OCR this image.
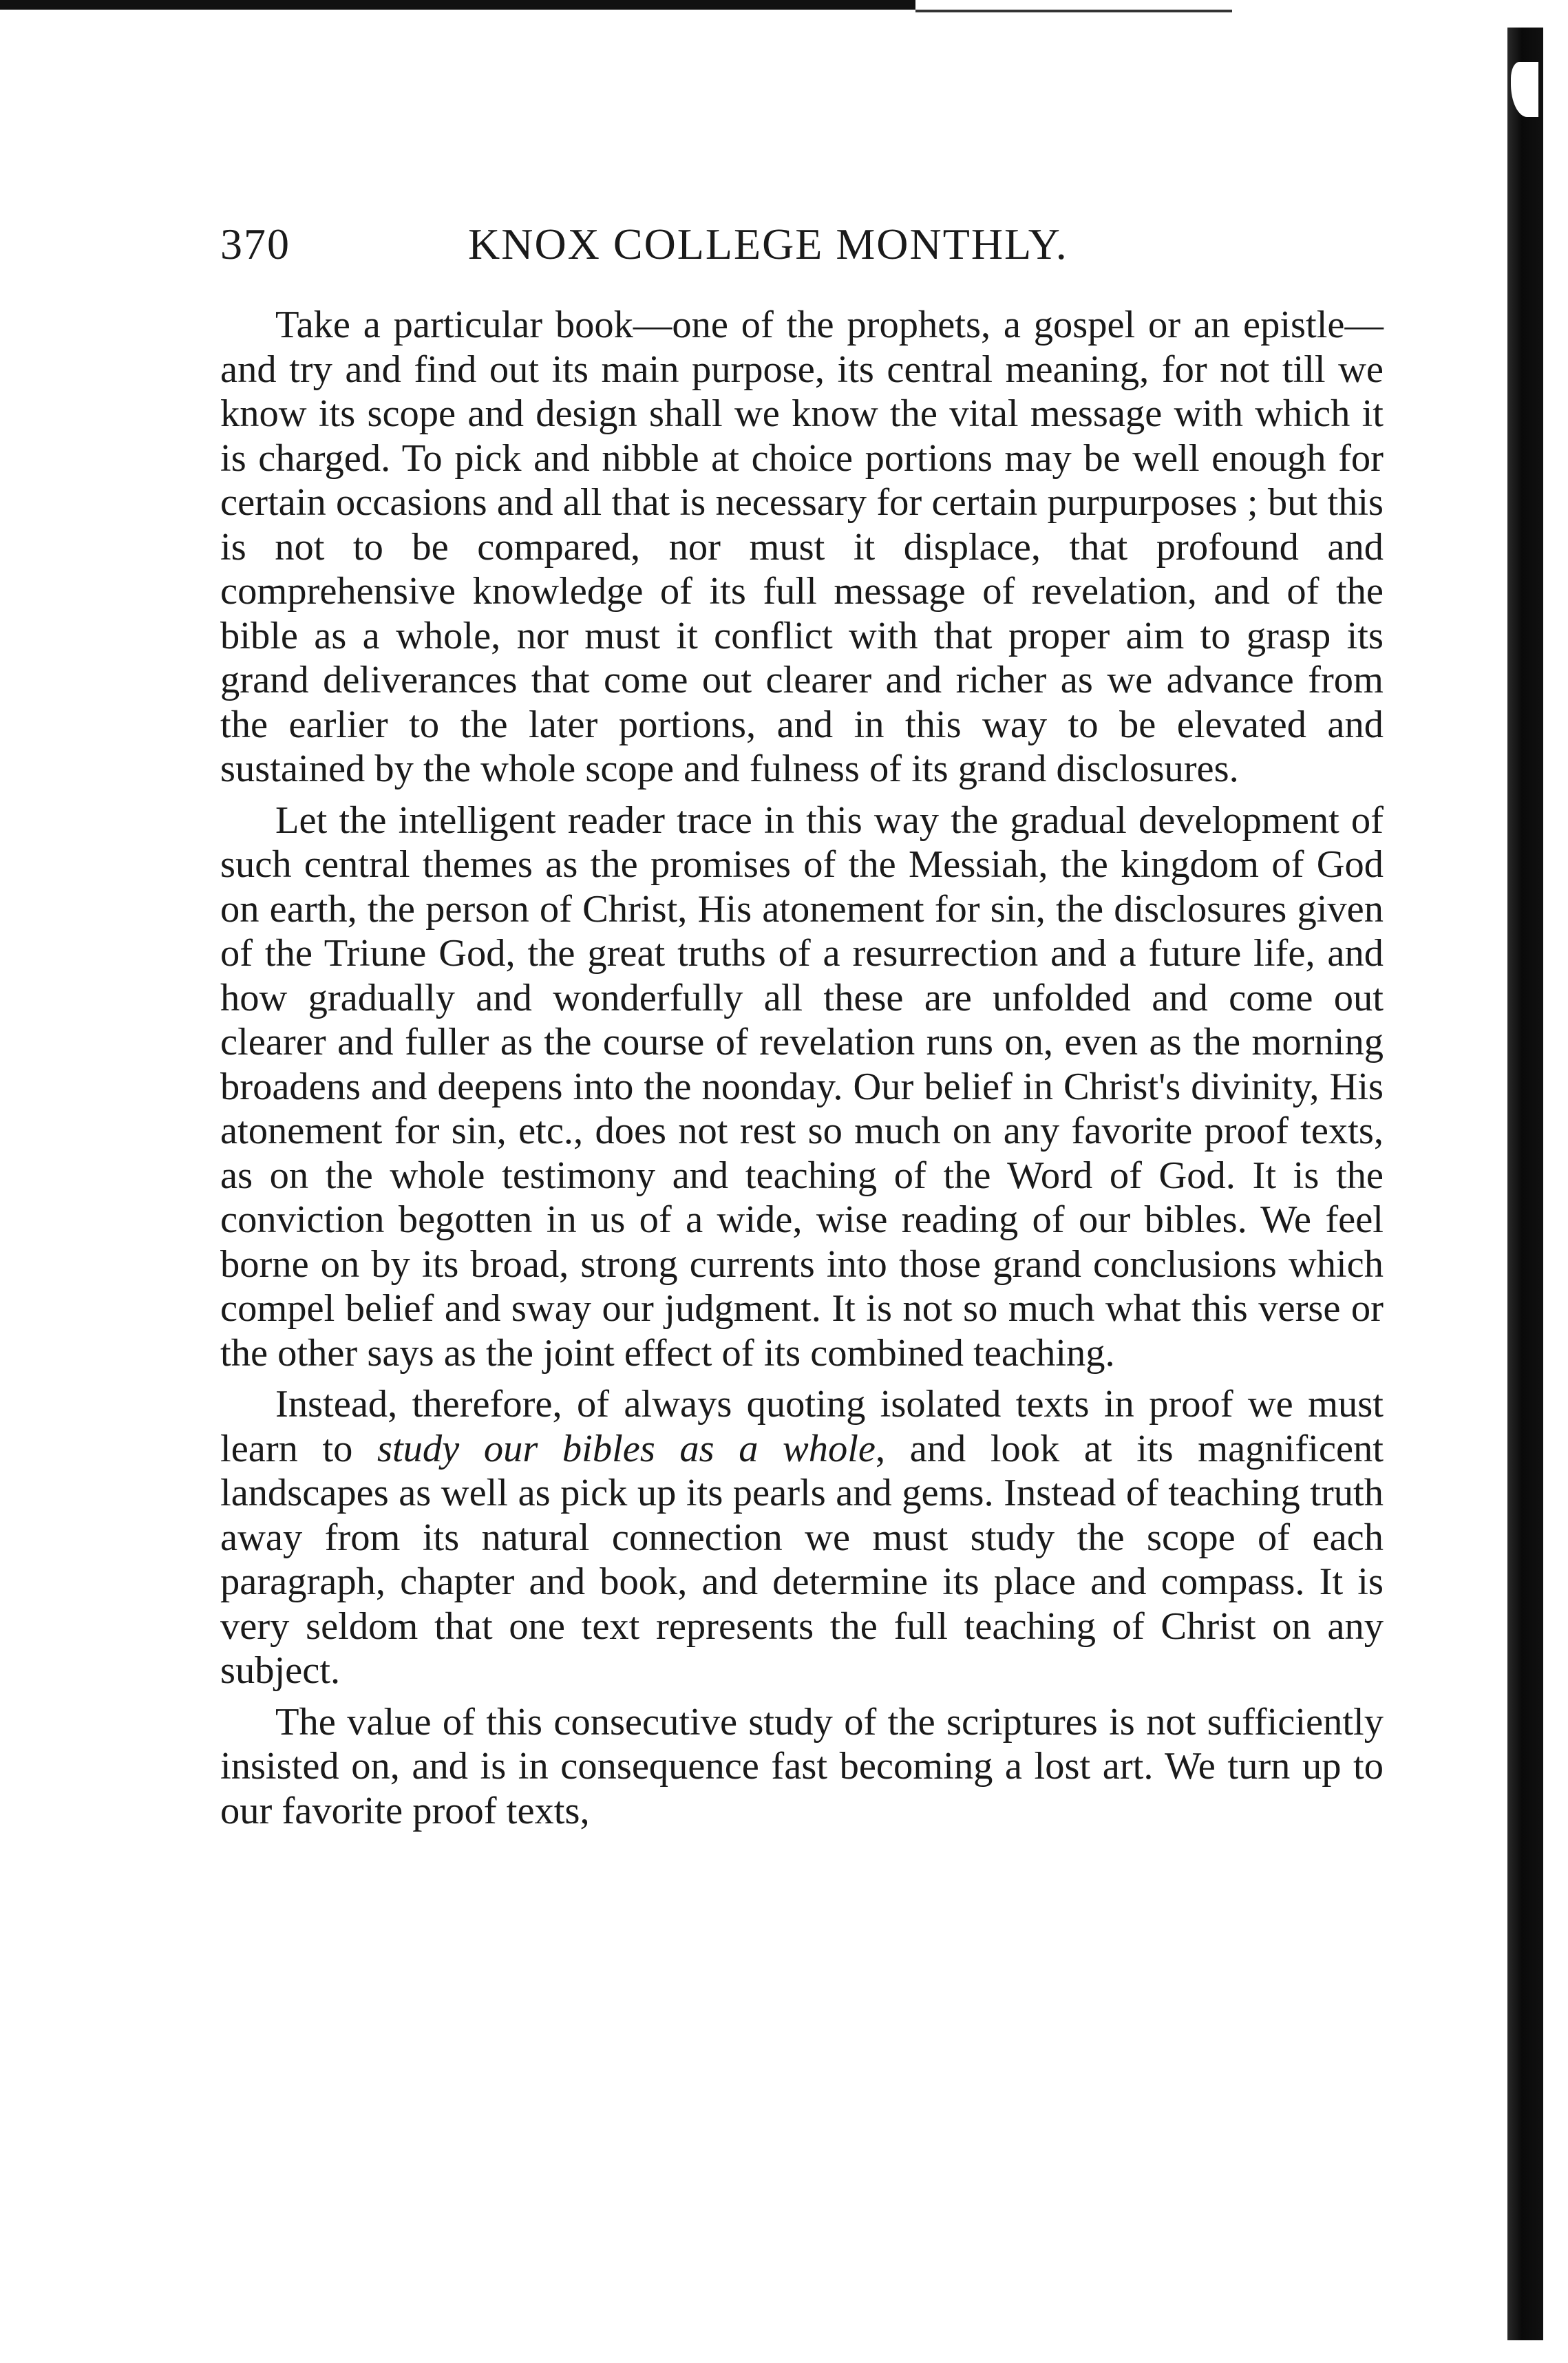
370	KNOX COLLEGE MONTHLY.

Take a particular book—one of the prophets, a gospel or an epistle—and try and find out its main purpose, its central meaning, for not till we know its scope and design shall we know the vital message with which it is charged. To pick and nibble at choice portions may be well enough for certain occasions and all that is necessary for certain purpurposes ; but this is not to be compared, nor must it displace, that profound and comprehensive knowledge of its full message of revelation, and of the bible as a whole, nor must it conflict with that proper aim to grasp its grand deliverances that come out clearer and richer as we advance from the earlier to the later portions, and in this way to be elevated and sustained by the whole scope and fulness of its grand disclosures.

Let the intelligent reader trace in this way the gradual development of such central themes as the promises of the Messiah, the kingdom of God on earth, the person of Christ, His atonement for sin, the disclosures given of the Triune God, the great truths of a resurrection and a future life, and how gradually and wonderfully all these are unfolded and come out clearer and fuller as the course of revelation runs on, even as the morning broadens and deepens into the noonday. Our belief in Christ's divinity, His atonement for sin, etc., does not rest so much on any favorite proof texts, as on the whole testimony and teaching of the Word of God. It is the conviction begotten in us of a wide, wise reading of our bibles. We feel borne on by its broad, strong currents into those grand conclusions which compel belief and sway our judgment. It is not so much what this verse or the other says as the joint effect of its combined teaching.

Instead, therefore, of always quoting isolated texts in proof we must learn to study our bibles as a whole, and look at its magnificent landscapes as well as pick up its pearls and gems. Instead of teaching truth away from its natural connection we must study the scope of each paragraph, chapter and book, and determine its place and compass. It is very seldom that one text represents the full teaching of Christ on any subject.

The value of this consecutive study of the scriptures is not sufficiently insisted on, and is in consequence fast becoming a lost art. We turn up to our favorite proof texts,
